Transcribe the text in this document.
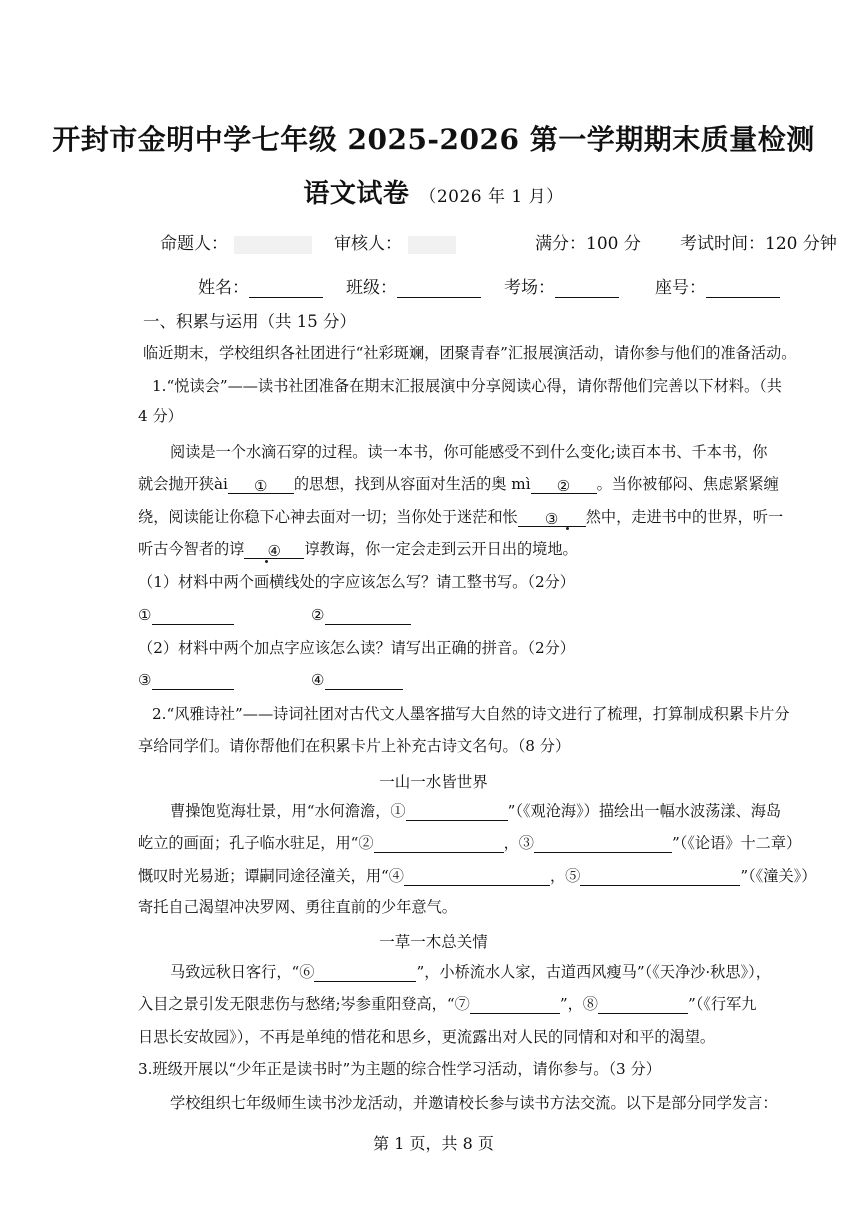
开封市金明中学七年级 2025-2026 第一学期期末质量检测
语文试卷 （2026 年 1 月）
命题人：	审核人：	满分：100 分 考试时间：120 分钟
姓名：	班级：	考场：	座号：
一、积累与运用（共 15 分）
临近期末，学校组织各社团进行“社彩斑斓，团聚青春”汇报展演活动，请你参与他们的准备活动。
1.“悦读会”——读书社团准备在期末汇报展演中分享阅读心得，请你帮他们完善以下材料。（共
4 分）
阅读是一个水滴石穿的过程。读一本书，你可能感受不到什么变化;读百本书、千本书，你
就会抛开狭ài ① 的思想，找到从容面对生活的奥 mì ② 。当你被郁闷、焦虑紧紧缠
绕，阅读能让你稳下心神去面对一切；当你处于迷茫和怅 ③ 然中，走进书中的世界，听一
听古今智者的谆 ④ 谆教诲，你一定会走到云开日出的境地。
（1）材料中两个画横线处的字应该怎么写？请工整书写。（2分）
①	②
（2）材料中两个加点字应该怎么读？请写出正确的拼音。（2分）
③	④
2.“风雅诗社”——诗词社团对古代文人墨客描写大自然的诗文进行了梳理，打算制成积累卡片分
享给同学们。请你帮他们在积累卡片上补充古诗文名句。（8 分）
一山一水皆世界
曹操饱览海壮景，用“水何澹澹，①	”（《观沧海》）描绘出一幅水波荡漾、海岛
屹立的画面；孔子临水驻足，用“②	，③	”（《论语》十二章）
慨叹时光易逝；谭嗣同途径潼关，用“④	，⑤	”（《潼关》）
寄托自己渴望冲决罗网、勇往直前的少年意气。
一草一木总关情
马致远秋日客行，“⑥	”，小桥流水人家，古道西风瘦马”（《天净沙·秋思》），
入目之景引发无限悲伤与愁绪;岑参重阳登高，“⑦	”，⑧	”（《行军九
日思长安故园》），不再是单纯的惜花和思乡，更流露出对人民的同情和对和平的渴望。
3.班级开展以“少年正是读书时”为主题的综合性学习活动，请你参与。（3 分）
学校组织七年级师生读书沙龙活动，并邀请校长参与读书方法交流。以下是部分同学发言：
第 1 页，共 8 页
